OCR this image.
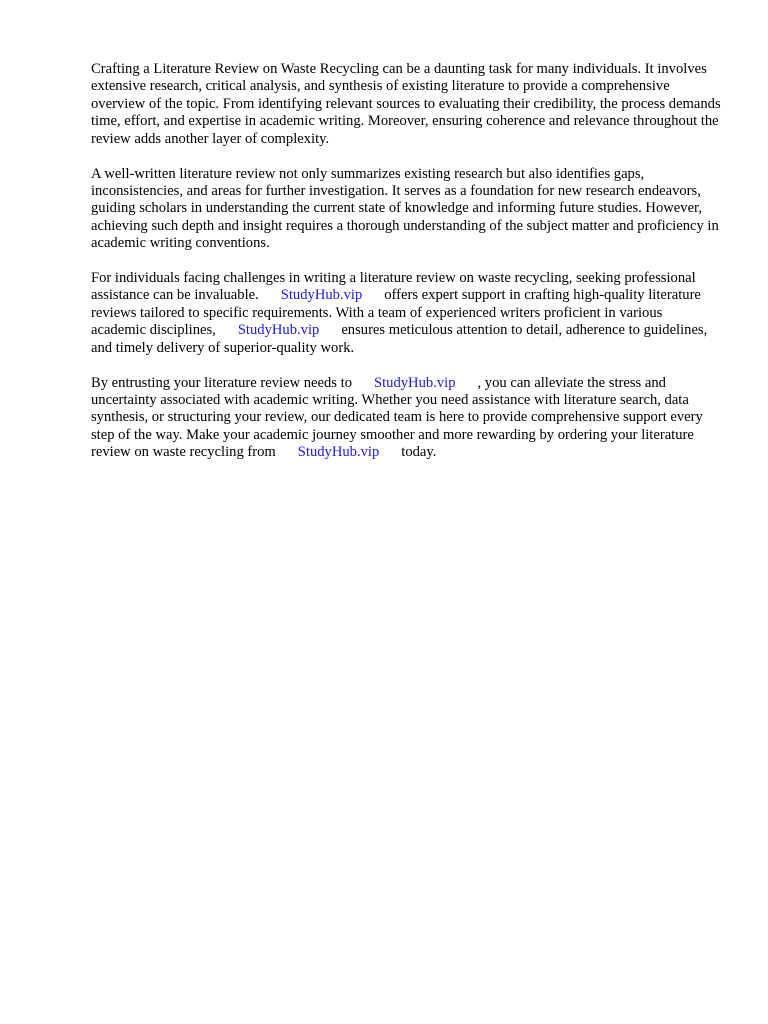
Crafting a Literature Review on Waste Recycling can be a daunting task for many individuals. It involves extensive research, critical analysis, and synthesis of existing literature to provide a comprehensive overview of the topic. From identifying relevant sources to evaluating their credibility, the process demands time, effort, and expertise in academic writing. Moreover, ensuring coherence and relevance throughout the review adds another layer of complexity.

A well-written literature review not only summarizes existing research but also identifies gaps, inconsistencies, and areas for further investigation. It serves as a foundation for new research endeavors, guiding scholars in understanding the current state of knowledge and informing future studies. However, achieving such depth and insight requires a thorough understanding of the subject matter and proficiency in academic writing conventions.

For individuals facing challenges in writing a literature review on waste recycling, seeking professional assistance can be invaluable. StudyHub.vip offers expert support in crafting high-quality literature reviews tailored to specific requirements. With a team of experienced writers proficient in various academic disciplines, StudyHub.vip ensures meticulous attention to detail, adherence to guidelines, and timely delivery of superior-quality work.

By entrusting your literature review needs to StudyHub.vip , you can alleviate the stress and uncertainty associated with academic writing. Whether you need assistance with literature search, data synthesis, or structuring your review, our dedicated team is here to provide comprehensive support every step of the way. Make your academic journey smoother and more rewarding by ordering your literature review on waste recycling from StudyHub.vip today.
